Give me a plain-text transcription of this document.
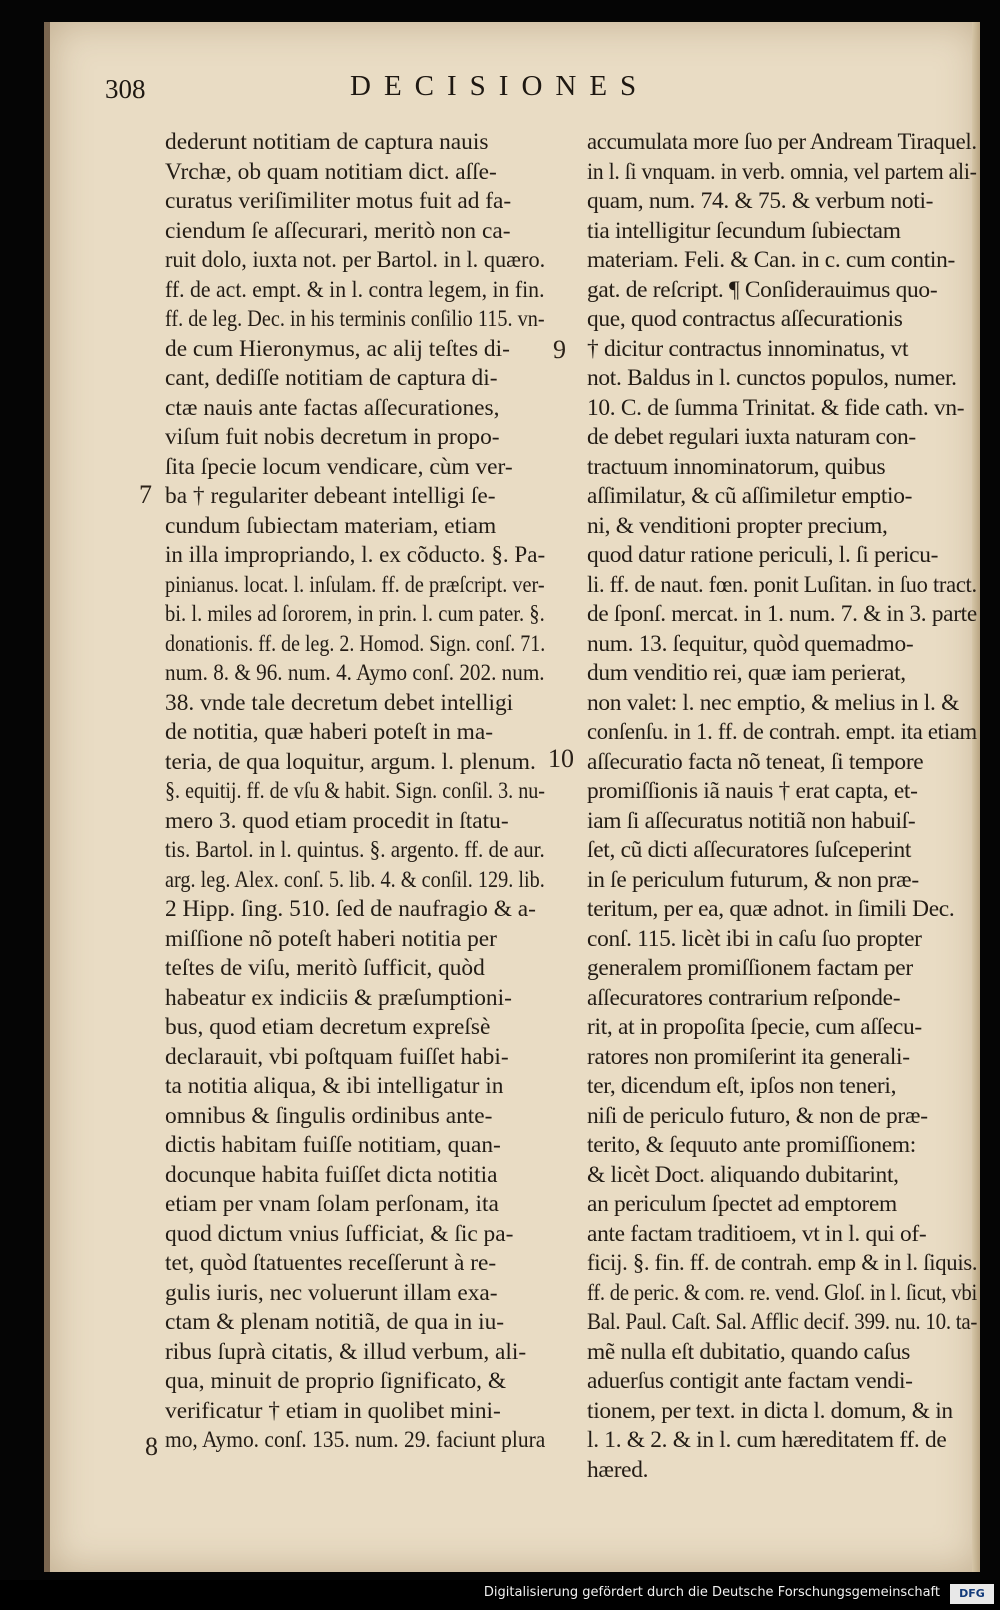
308	DECISIONES
dederunt notitiam de captura nauis
Vrchæ, ob quam notitiam dict. aſſe-
curatus veriſimiliter motus fuit ad fa-
ciendum ſe aſſecurari, meritò non ca-
ruit dolo, iuxta not. per Bartol. in l. quæro.
ff. de act. empt. & in l. contra legem, in fin.
ff. de leg. Dec. in his terminis conſilio 115. vn-
de cum Hieronymus, ac alij teſtes di-
cant, dediſſe notitiam de captura di-
ctæ nauis ante factas aſſecurationes,
viſum fuit nobis decretum in propo-
ſita ſpecie locum vendicare, cùm ver-
ba † regulariter debeant intelligi ſe-
cundum ſubiectam materiam, etiam
in illa impropriando, l. ex cõducto. §. Pa-
pinianus. locat. l. inſulam. ff. de præſcript. ver-
bi. l. miles ad ſororem, in prin. l. cum pater. §.
donationis. ff. de leg. 2. Homod. Sign. conſ. 71.
num. 8. & 96. num. 4. Aymo conſ. 202. num.
38. vnde tale decretum debet intelligi
de notitia, quæ haberi poteſt in ma-
teria, de qua loquitur, argum. l. plenum.
§. equitij. ff. de vſu & habit. Sign. conſil. 3. nu-
mero 3. quod etiam procedit in ſtatu-
tis. Bartol. in l. quintus. §. argento. ff. de aur.
arg. leg. Alex. conſ. 5. lib. 4. & conſil. 129. lib.
2 Hipp. ſing. 510. ſed de naufragio & a-
miſſione nõ poteſt haberi notitia per
teſtes de viſu, meritò ſufficit, quòd
habeatur ex indiciis & præſumptioni-
bus, quod etiam decretum expreſsè
declarauit, vbi poſtquam fuiſſet habi-
ta notitia aliqua, & ibi intelligatur in
omnibus & ſingulis ordinibus ante-
dictis habitam fuiſſe notitiam, quan-
docunque habita fuiſſet dicta notitia
etiam per vnam ſolam perſonam, ita
quod dictum vnius ſufficiat, & ſic pa-
tet, quòd ſtatuentes receſſerunt à re-
gulis iuris, nec voluerunt illam exa-
ctam & plenam notitiã, de qua in iu-
ribus ſuprà citatis, & illud verbum, ali-
qua, minuit de proprio ſignificato, &
verificatur † etiam in quolibet mini-
mo, Aymo. conſ. 135. num. 29. faciunt plura
accumulata more ſuo per Andream Tiraquel.
in l. ſi vnquam. in verb. omnia, vel partem ali-
quam, num. 74. & 75. & verbum noti-
tia intelligitur ſecundum ſubiectam
materiam. Feli. & Can. in c. cum contin-
gat. de reſcript. ¶ Conſiderauimus quo-
que, quod contractus aſſecurationis
† dicitur contractus innominatus, vt
not. Baldus in l. cunctos populos, numer.
10. C. de ſumma Trinitat. & fide cath. vn-
de debet regulari iuxta naturam con-
tractuum innominatorum, quibus
aſſimilatur, & cũ aſſimiletur emptio-
ni, & venditioni propter precium,
quod datur ratione periculi, l. ſi pericu-
li. ff. de naut. fœn. ponit Luſitan. in ſuo tract.
de ſponſ. mercat. in 1. num. 7. & in 3. parte
num. 13. ſequitur, quòd quemadmo-
dum venditio rei, quæ iam perierat,
non valet: l. nec emptio, & melius in l. &
conſenſu. in 1. ff. de contrah. empt. ita etiam
aſſecuratio facta nõ teneat, ſi tempore
promiſſionis iã nauis † erat capta, et-
iam ſi aſſecuratus notitiã non habuiſ-
ſet, cũ dicti aſſecuratores ſuſceperint
in ſe periculum futurum, & non præ-
teritum, per ea, quæ adnot. in ſimili Dec.
conſ. 115. licèt ibi in caſu ſuo propter
generalem promiſſionem factam per
aſſecuratores contrarium reſponde-
rit, at in propoſita ſpecie, cum aſſecu-
ratores non promiſerint ita generali-
ter, dicendum eſt, ipſos non teneri,
niſi de periculo futuro, & non de præ-
terito, & ſequuto ante promiſſionem:
& licèt Doct. aliquando dubitarint,
an periculum ſpectet ad emptorem
ante factam traditioem, vt in l. qui of-
ficij. §. fin. ff. de contrah. emp & in l. ſiquis.
ff. de peric. & com. re. vend. Gloſ. in l. ſicut, vbi
Bal. Paul. Caſt. Sal. Afflic decif. 399. nu. 10. ta-
mẽ nulla eſt dubitatio, quando caſus
aduerſus contigit ante factam vendi-
tionem, per text. in dicta l. domum, & in
l. 1. & 2. & in l. cum hæreditatem ff. de
hæred.
7
8
9
10
Digitalisierung gefördert durch die Deutsche Forschungsgemeinschaft	DFG
